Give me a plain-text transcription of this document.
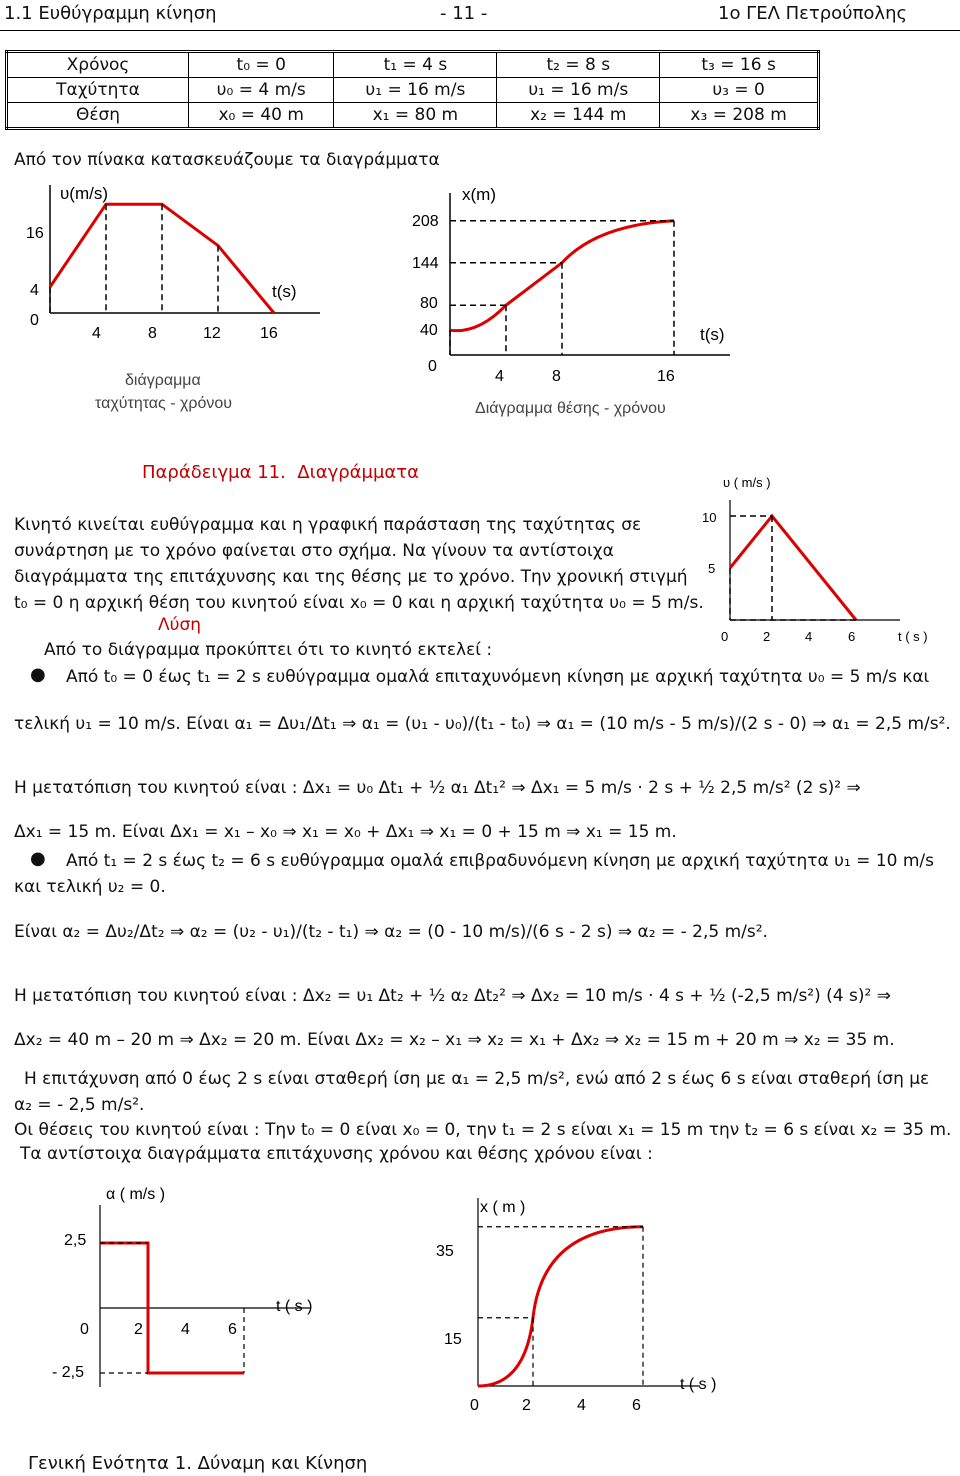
1.1 Ευθύγραμμη κίνηση	- 11 -	1ο ΓΕΛ Πετρούπολης
Χρόνος	t₀ = 0	t₁ = 4 s	t₂ = 8 s	t₃ = 16 s
Ταχύτητα	υ₀ = 4 m/s	υ₁ = 16 m/s	υ₁ = 16 m/s	υ₃ = 0
Θέση	x₀ = 40 m	x₁ = 80 m	x₂ = 144 m	x₃ = 208 m
Από τον πίνακα κατασκευάζουμε τα διαγράμματα
υ(m/s)
t(s)
16
4
0
4	8	12 16
διάγραμμα
ταχύτητας - χρόνου
x(m)
t(s)
208
144
80
40
0
4	8	16
Διάγραμμα θέσης - χρόνου
Παράδειγμα 11. Διαγράμματα	υ ( m/s )
t ( s )
10
5
0	2	4	6
Κινητό κινείται ευθύγραμμα και η γραφική παράσταση της ταχύτητας σε
συνάρτηση με το χρόνο φαίνεται στο σχήμα. Να γίνουν τα αντίστοιχα
διαγράμματα της επιτάχυνσης και της θέσης με το χρόνο. Την χρονική στιγμή
t₀ = 0 η αρχική θέση του κινητού είναι x₀ = 0 και η αρχική ταχύτητα υ₀ = 5 m/s.
Λύση
Από το διάγραμμα προκύπτει ότι το κινητό εκτελεί :
● Από t₀ = 0 έως t₁ = 2 s ευθύγραμμα ομαλά επιταχυνόμενη κίνηση με αρχική ταχύτητα υ₀ = 5 m/s και
τελική υ₁ = 10 m/s. Είναι α₁ = Δυ₁/Δt₁ ⇒ α₁ = (υ₁ - υ₀)/(t₁ - t₀) ⇒ α₁ = (10 m/s - 5 m/s)/(2 s - 0) ⇒ α₁ = 2,5 m/s².
Η μετατόπιση του κινητού είναι : Δx₁ = υ₀ Δt₁ + ½ α₁ Δt₁² ⇒ Δx₁ = 5 m/s · 2 s + ½ 2,5 m/s² (2 s)² ⇒
Δx₁ = 15 m. Είναι Δx₁ = x₁ – x₀ ⇒ x₁ = x₀ + Δx₁ ⇒ x₁ = 0 + 15 m ⇒ x₁ = 15 m.
● Από t₁ = 2 s έως t₂ = 6 s ευθύγραμμα ομαλά επιβραδυνόμενη κίνηση με αρχική ταχύτητα υ₁ = 10 m/s
και τελική υ₂ = 0.
Είναι α₂ = Δυ₂/Δt₂ ⇒ α₂ = (υ₂ - υ₁)/(t₂ - t₁) ⇒ α₂ = (0 - 10 m/s)/(6 s - 2 s) ⇒ α₂ = - 2,5 m/s².
Η μετατόπιση του κινητού είναι : Δx₂ = υ₁ Δt₂ + ½ α₂ Δt₂² ⇒ Δx₂ = 10 m/s · 4 s + ½ (-2,5 m/s²) (4 s)² ⇒
Δx₂ = 40 m – 20 m ⇒ Δx₂ = 20 m. Είναι Δx₂ = x₂ – x₁ ⇒ x₂ = x₁ + Δx₂ ⇒ x₂ = 15 m + 20 m ⇒ x₂ = 35 m.
Η επιτάχυνση από 0 έως 2 s είναι σταθερή ίση με α₁ = 2,5 m/s², ενώ από 2 s έως 6 s είναι σταθερή ίση με
α₂ = - 2,5 m/s².
Οι θέσεις του κινητού είναι : Την t₀ = 0 είναι x₀ = 0, την t₁ = 2 s είναι x₁ = 15 m την t₂ = 6 s είναι x₂ = 35 m.
Τα αντίστοιχα διαγράμματα επιτάχυνσης χρόνου και θέσης χρόνου είναι :
α ( m/s )
t ( s )
2,5
- 2,5
0	2 4 6
x ( m )
t ( s )
35
15
0	2	4	6
Γενική Ενότητα 1. Δύναμη και Κίνηση
